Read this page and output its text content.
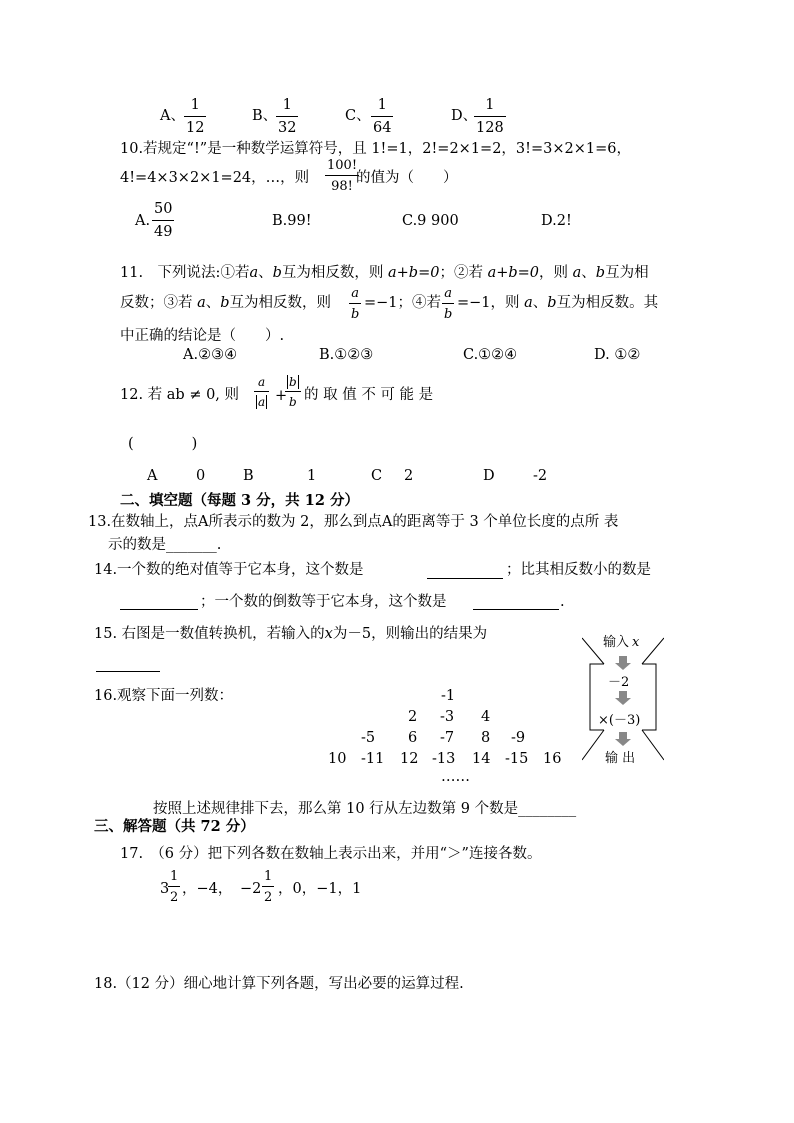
A、 $\frac{1}{12}$	B、
$\frac{1}{32}$	C、 $\frac{1}{64}$	D、
$\frac{1}{128}$
10.若规定“!”是一种数学运算符号，且 1!=1，2!=2×1=2，3!=3×2×1=6，
4!=4×3×2×1=24，…，则 $\frac{100!}{98!}$
的值为（　　）
A. $\frac{50}{49}$	B.99!	C.9 900	D.2!
11.　下列说法:①若a、b互为相反数，则 a+b=0；②若 a+b=0，则 a、b互为相
反数；③若 a、b互为相反数，则 $\frac{a}{b} =-1$；④若 $\frac{a}{b} =-1$，则 a、b互为相反数。其
中正确的结论是（　　）.
A.②③④	B.①②③	C.①②④	D. ①②
12. 若 ab ≠ 0, 则 $\frac{a}{a}$ +
$\frac{b}{b}$ 的 取 值 不 可 能 是
(　　　　)
A	0	B	1	C 2	D	-2
二、填空题（每题 3 分，共 12 分）
13.在数轴上，点A所表示的数为 2，那么到点A的距离等于 3 个单位长度的点所 表
示的数是_______.
14.一个数的绝对值等于它本身，这个数是	；比其相反数小的数是
；一个数的倒数等于它本身，这个数是	.
15. 右图是一数值转换机，若输入的x为－5，则输出的结果为
输入 x
－2
×(－3)
输 出
16.观察下面一列数：	-1
2 -3 4
-5 6 -7 8 -9
10 -11 12 -13 14 -15 16
……
按照上述规律排下去，那么第 10 行从左边数第 9 个数是________
三、解答题（共 72 分）
17.　（6 分）把下列各数在数轴上表示出来，并用“＞”连接各数。
3
$\frac{1}{2}$ ，−4， $-2 \frac{1}{2}$ ，0，−1，1
18.（12 分）细心地计算下列各题，写出必要的运算过程.
